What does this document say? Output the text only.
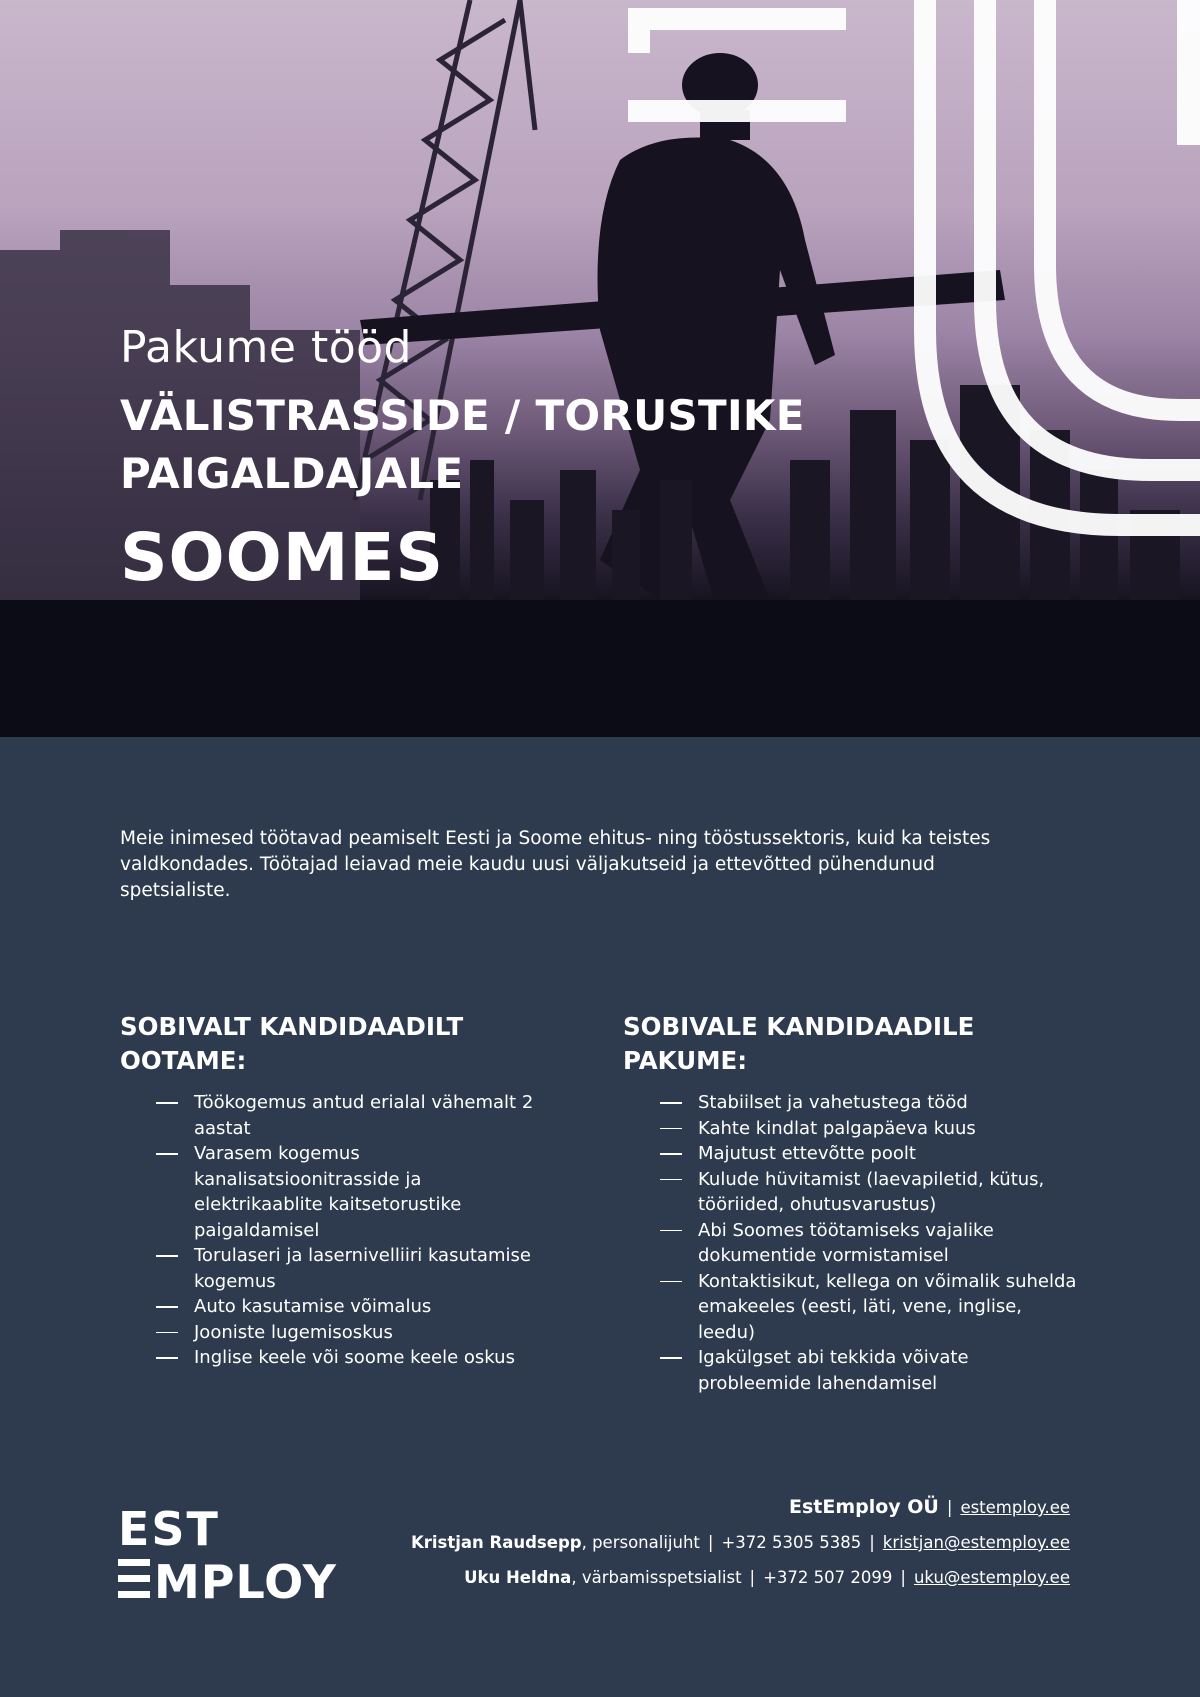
Pakume tööd

VÄLISTRASSIDE / TORUSTIKE
PAIGALDAJALE

SOOMES

Meie inimesed töötavad peamiselt Eesti ja Soome ehitus- ning tööstussektoris, kuid ka teistes valdkondades. Töötajad leiavad meie kaudu uusi väljakutseid ja ettevõtted pühendunud spetsialiste.

SOBIVALT KANDIDAADILT
OOTAME:
Töökogemus antud erialal vähemalt 2 aastat
Varasem kogemus kanalisatsioonitrasside ja elektrikaablite kaitsetorustike paigaldamisel
Torulaseri ja lasernivelliiri kasutamise kogemus
Auto kasutamise võimalus
Jooniste lugemisoskus
Inglise keele või soome keele oskus
SOBIVALE KANDIDAADILE
PAKUME:
Stabiilset ja vahetustega tööd
Kahte kindlat palgapäeva kuus
Majutust ettevõtte poolt
Kulude hüvitamist (laevapiletid, kütus, tööriided, ohutusvarustus)
Abi Soomes töötamiseks vajalike dokumentide vormistamisel
Kontaktisikut, kellega on võimalik suhelda emakeeles (eesti, läti, vene, inglise, leedu)
Igakülgset abi tekkida võivate probleemide lahendamisel
EST
MPLOY
EstEmploy OÜ | estemploy.ee
Kristjan Raudsepp, personalijuht | +372 5305 5385 | kristjan@estemploy.ee
Uku Heldna, värbamisspetsialist | +372 507 2099 | uku@estemploy.ee
